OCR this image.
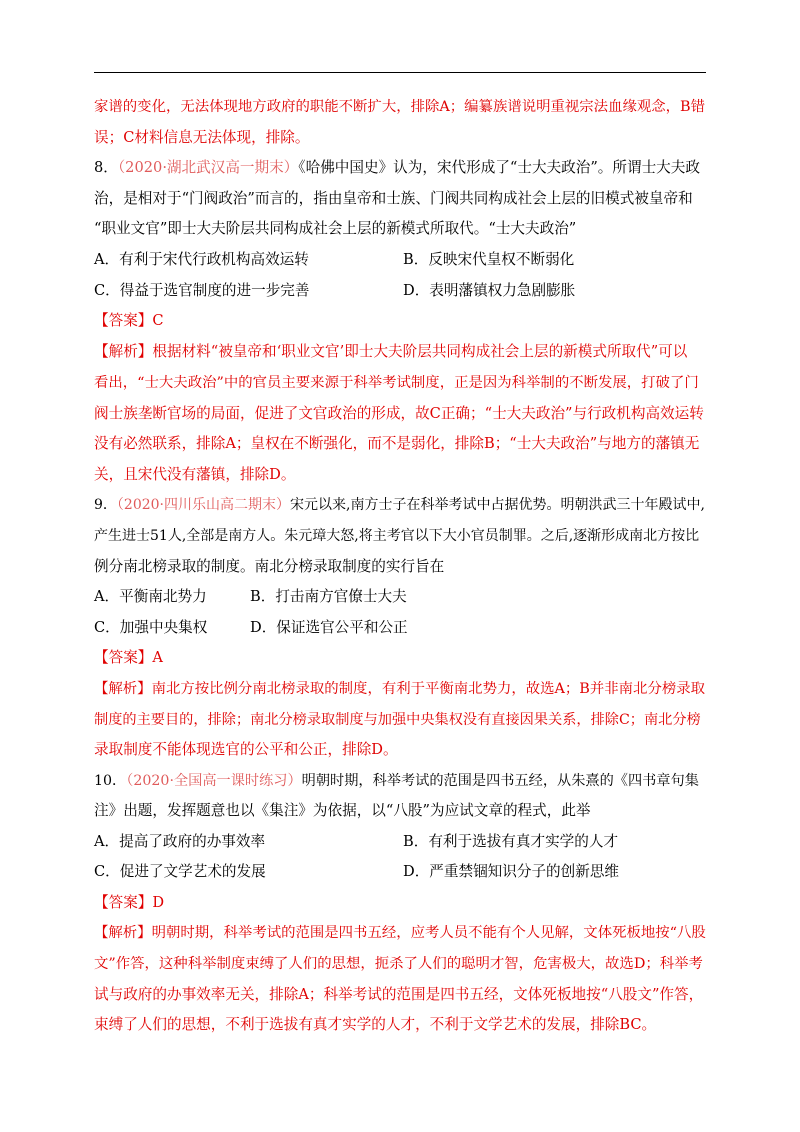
家谱的变化，无法体现地方政府的职能不断扩大，排除A；编纂族谱说明重视宗法血缘观念，B错
误；C材料信息无法体现，排除。
8．（2020·湖北武汉高一期末）《哈佛中国史》认为，宋代形成了“士大夫政治”。所谓士大夫政
治，是相对于“门阀政治”而言的，指由皇帝和士族、门阀共同构成社会上层的旧模式被皇帝和
“职业文官”即士大夫阶层共同构成社会上层的新模式所取代。“士大夫政治”
A．有利于宋代行政机构高效运转	B．反映宋代皇权不断弱化
C．得益于选官制度的进一步完善	D．表明藩镇权力急剧膨胀
【答案】C
【解析】根据材料“被皇帝和‘职业文官’即士大夫阶层共同构成社会上层的新模式所取代”可以
看出，“士大夫政治”中的官员主要来源于科举考试制度，正是因为科举制的不断发展，打破了门
阀士族垄断官场的局面，促进了文官政治的形成，故C正确；“士大夫政治”与行政机构高效运转
没有必然联系，排除A；皇权在不断强化，而不是弱化，排除B；“士大夫政治”与地方的藩镇无
关，且宋代没有藩镇，排除D。
9．（2020·四川乐山高二期末）宋元以来,南方士子在科举考试中占据优势。明朝洪武三十年殿试中,
产生进士51人,全部是南方人。朱元璋大怒,将主考官以下大小官员制罪。之后,逐渐形成南北方按比
例分南北榜录取的制度。南北分榜录取制度的实行旨在
A．平衡南北势力	B．打击南方官僚士大夫
C．加强中央集权	D．保证选官公平和公正
【答案】A
【解析】南北方按比例分南北榜录取的制度，有利于平衡南北势力，故选A；B并非南北分榜录取
制度的主要目的，排除；南北分榜录取制度与加强中央集权没有直接因果关系，排除C；南北分榜
录取制度不能体现选官的公平和公正，排除D。
10．（2020·全国高一课时练习）明朝时期，科举考试的范围是四书五经，从朱熹的《四书章句集
注》出题，发挥题意也以《集注》为依据，以“八股”为应试文章的程式，此举
A．提高了政府的办事效率	B．有利于选拔有真才实学的人才
C．促进了文学艺术的发展	D．严重禁锢知识分子的创新思维
【答案】D
【解析】明朝时期，科举考试的范围是四书五经，应考人员不能有个人见解，文体死板地按“八股
文”作答，这种科举制度束缚了人们的思想，扼杀了人们的聪明才智，危害极大，故选D；科举考
试与政府的办事效率无关，排除A；科举考试的范围是四书五经，文体死板地按“八股文”作答，
束缚了人们的思想，不利于选拔有真才实学的人才，不利于文学艺术的发展，排除BC。
